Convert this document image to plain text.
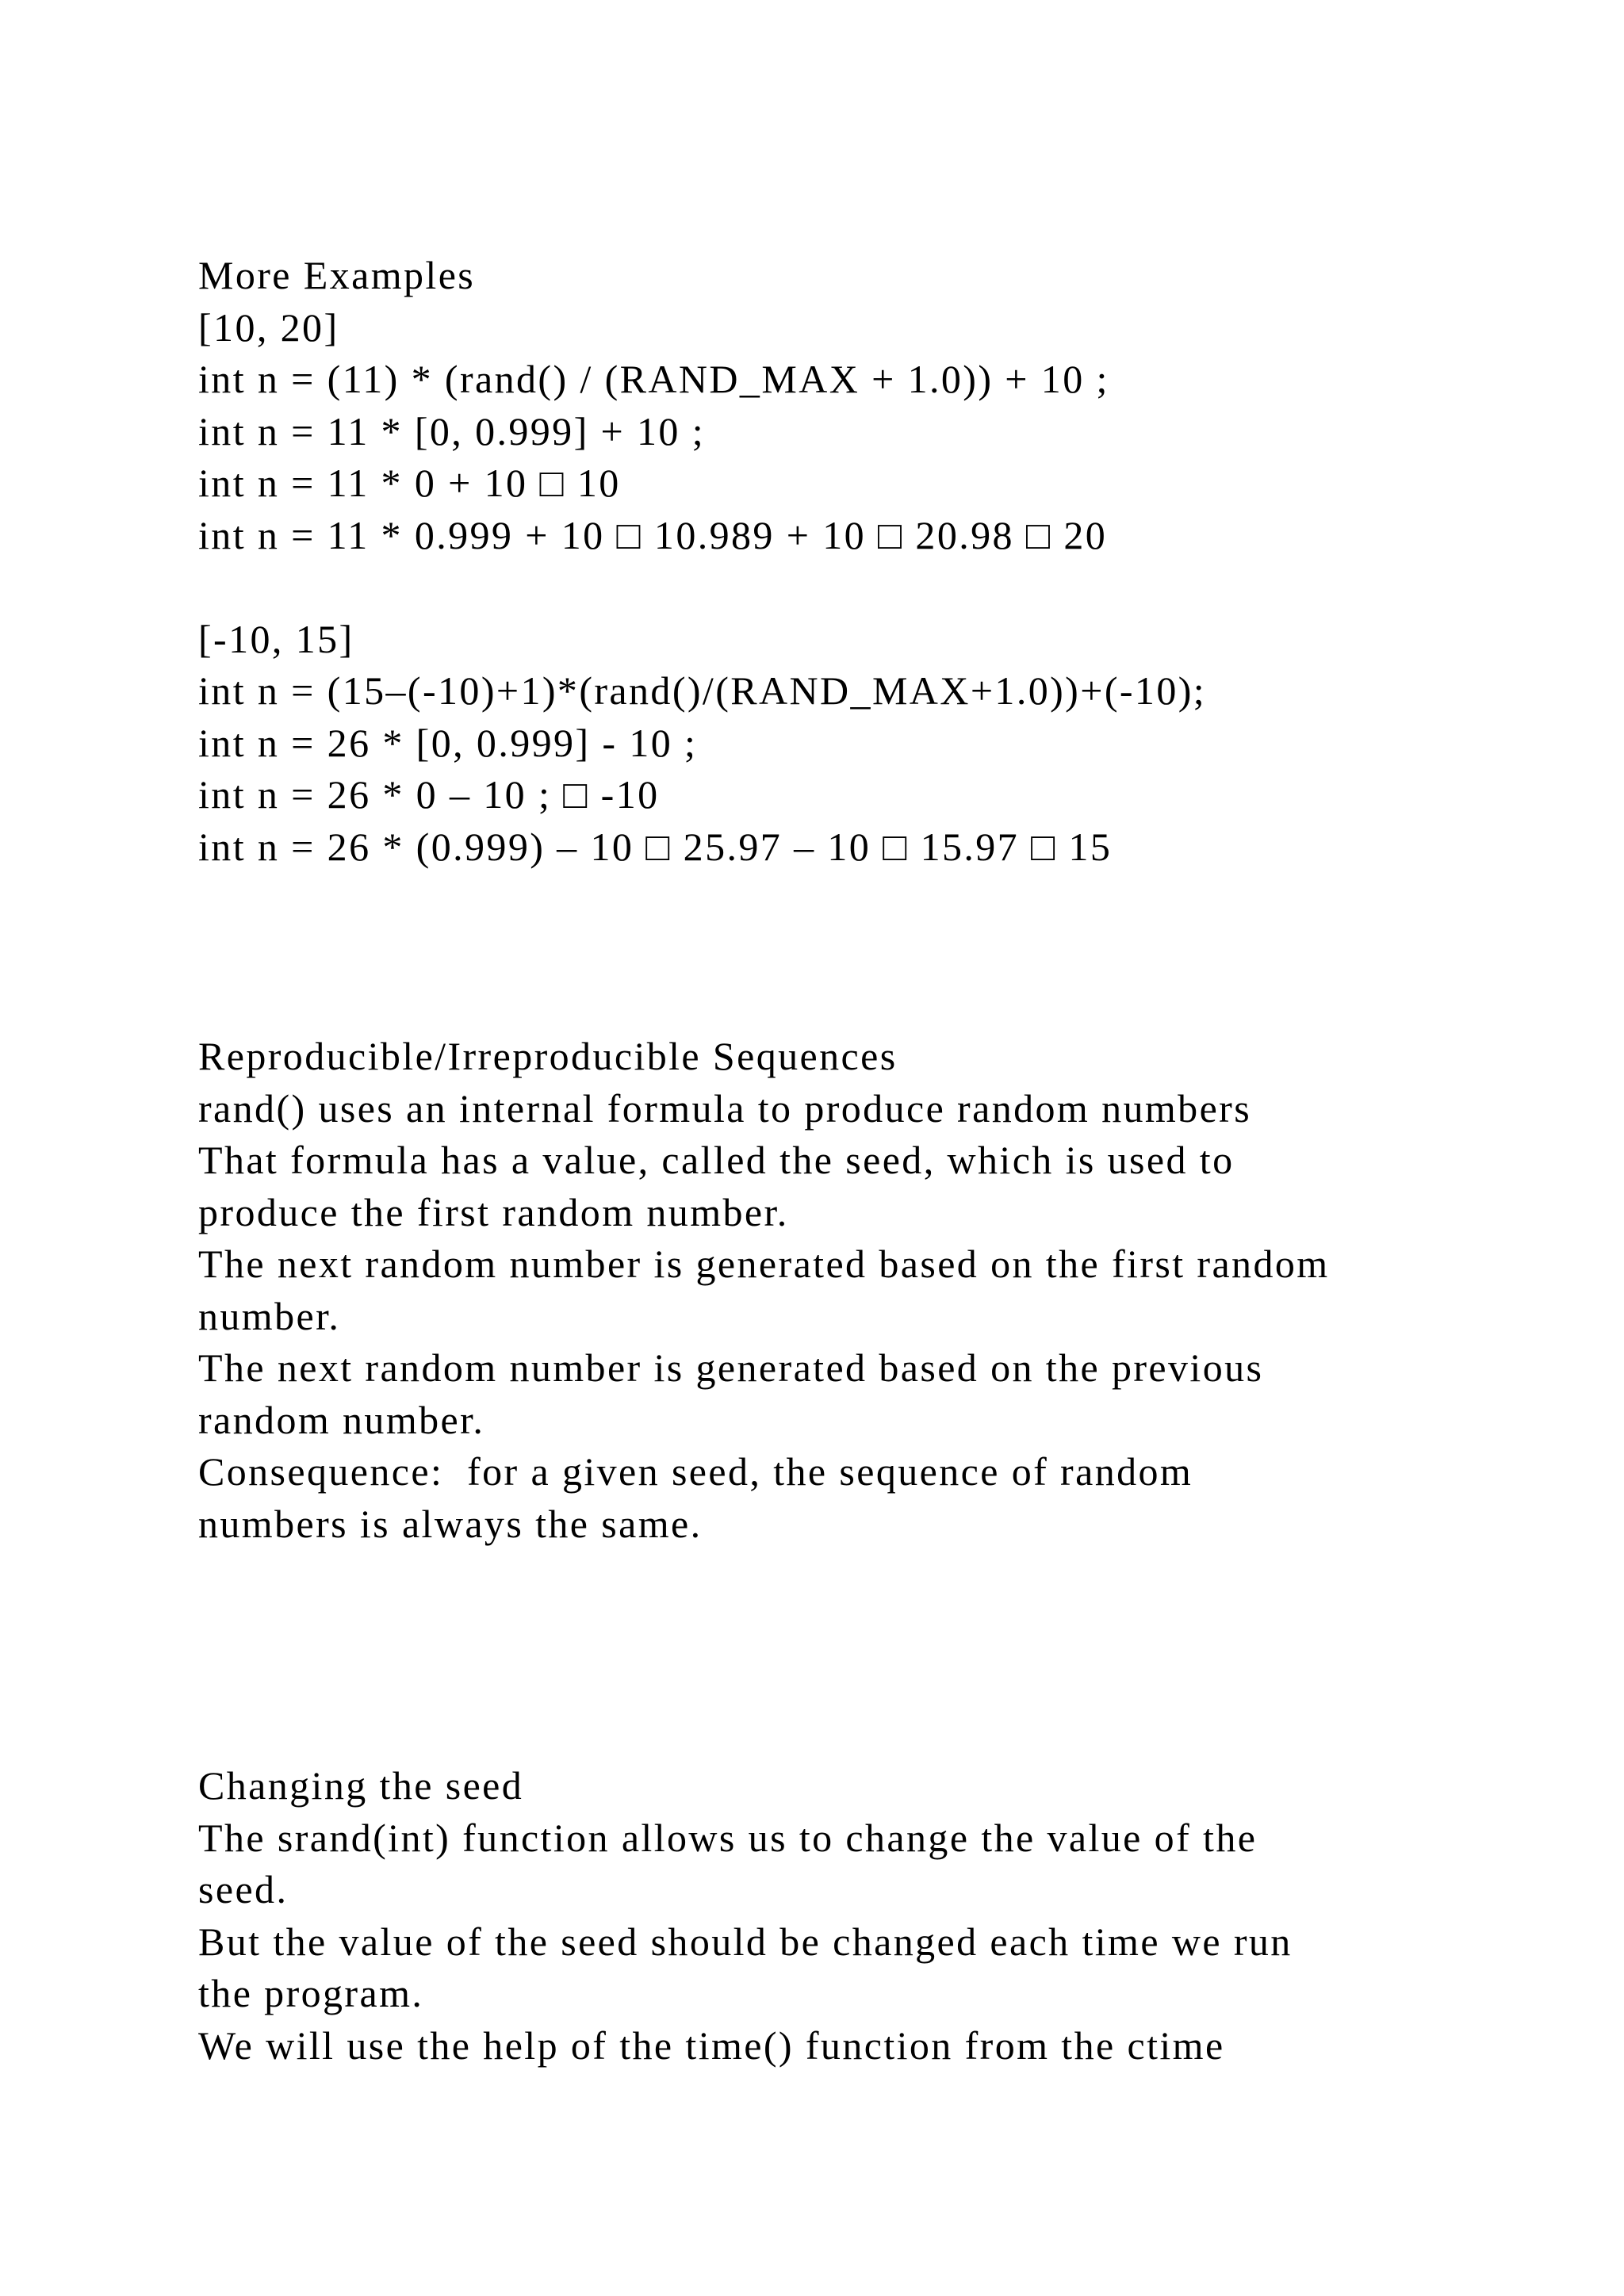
More Examples
[10, 20]
int n = (11) * (rand() / (RAND_MAX + 1.0)) + 10 ;
int n = 11 * [0, 0.999] + 10 ;
int n = 11 * 0 + 10 □ 10
int n = 11 * 0.999 + 10 □ 10.989 + 10 □ 20.98 □ 20
[-10, 15]
int n = (15–(-10)+1)*(rand()/(RAND_MAX+1.0))+(-10);
int n = 26 * [0, 0.999] - 10 ;
int n = 26 * 0 – 10 ; □ -10
int n = 26 * (0.999) – 10 □ 25.97 – 10 □ 15.97 □ 15
Reproducible/Irreproducible Sequences
rand() uses an internal formula to produce random numbers
That formula has a value, called the seed, which is used to
produce the first random number.
The next random number is generated based on the first random
number.
The next random number is generated based on the previous
random number.
Consequence:  for a given seed, the sequence of random
numbers is always the same.
Changing the seed
The srand(int) function allows us to change the value of the
seed.
But the value of the seed should be changed each time we run
the program.
We will use the help of the time() function from the ctime
